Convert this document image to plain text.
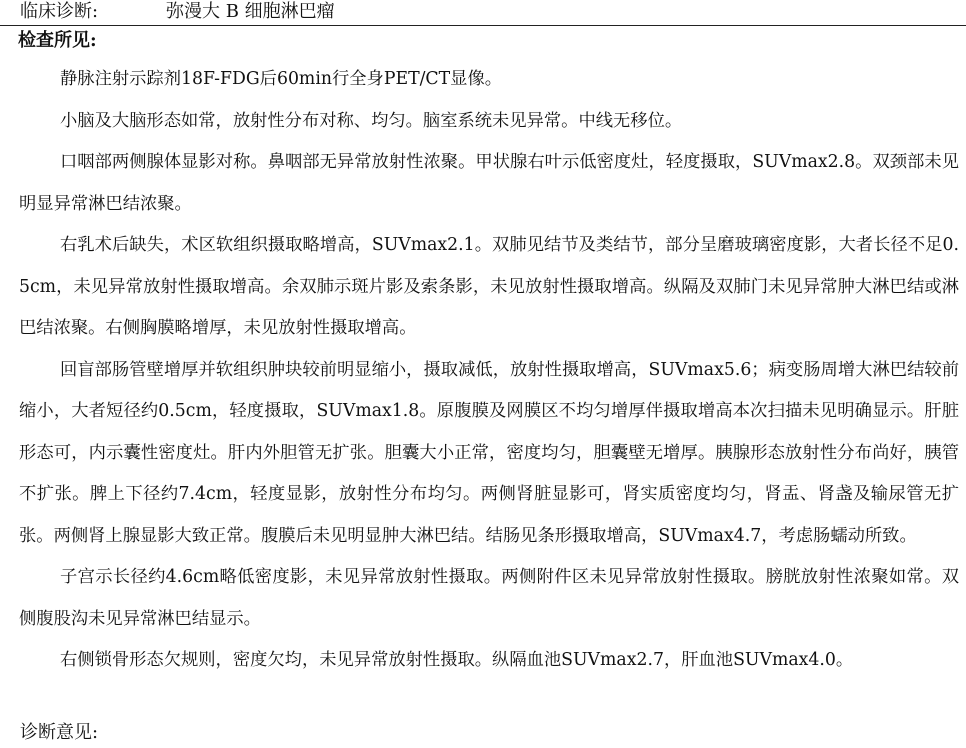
临床诊断:	弥漫大 B 细胞淋巴瘤
检查所见:

静脉注射示踪剂18F-FDG后60min行全身PET/CT显像。

小脑及大脑形态如常，放射性分布对称、均匀。脑室系统未见异常。中线无移位。

口咽部两侧腺体显影对称。鼻咽部无异常放射性浓聚。甲状腺右叶示低密度灶，轻度摄取，SUVmax2.8。双颈部未见明显异常淋巴结浓聚。

右乳术后缺失，术区软组织摄取略增高，SUVmax2.1。双肺见结节及类结节，部分呈磨玻璃密度影，大者长径不足0.5cm，未见异常放射性摄取增高。余双肺示斑片影及索条影，未见放射性摄取增高。纵隔及双肺门未见异常肿大淋巴结或淋巴结浓聚。右侧胸膜略增厚，未见放射性摄取增高。

回盲部肠管壁增厚并软组织肿块较前明显缩小，摄取减低，放射性摄取增高，SUVmax5.6；病变肠周增大淋巴结较前缩小，大者短径约0.5cm，轻度摄取，SUVmax1.8。原腹膜及网膜区不均匀增厚伴摄取增高本次扫描未见明确显示。肝脏形态可，内示囊性密度灶。肝内外胆管无扩张。胆囊大小正常，密度均匀，胆囊壁无增厚。胰腺形态放射性分布尚好，胰管不扩张。脾上下径约7.4cm，轻度显影，放射性分布均匀。两侧肾脏显影可，肾实质密度均匀，肾盂、肾盏及输尿管无扩张。两侧肾上腺显影大致正常。腹膜后未见明显肿大淋巴结。结肠见条形摄取增高，SUVmax4.7，考虑肠蠕动所致。

子宫示长径约4.6cm略低密度影，未见异常放射性摄取。两侧附件区未见异常放射性摄取。膀胱放射性浓聚如常。双侧腹股沟未见异常淋巴结显示。

右侧锁骨形态欠规则，密度欠均，未见异常放射性摄取。纵隔血池SUVmax2.7，肝血池SUVmax4.0。

诊断意见:
